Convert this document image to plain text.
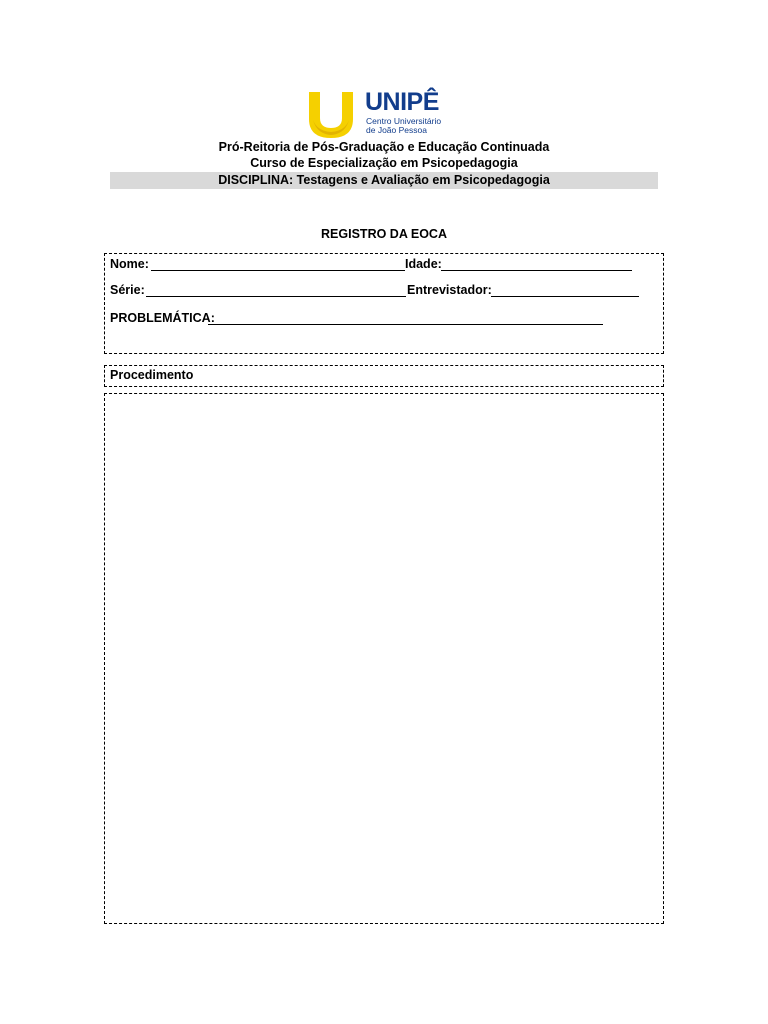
UNIPÊ
Centro Universitário
de João Pessoa
Pró-Reitoria de Pós-Graduação e Educação Continuada
Curso de Especialização em Psicopedagogia
DISCIPLINA: Testagens e Avaliação em Psicopedagogia
REGISTRO DA EOCA
Nome:	Idade:
Série:	Entrevistador:
PROBLEMÁTICA:
Procedimento
